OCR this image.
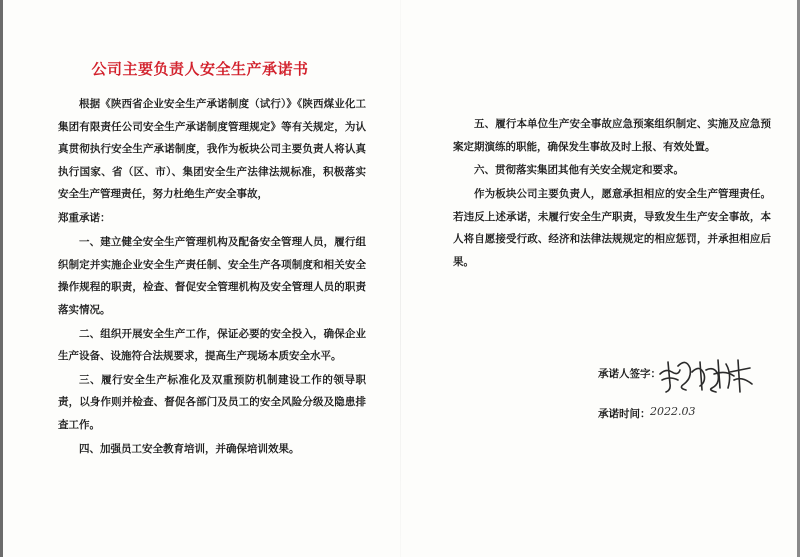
公司主要负责人安全生产承诺书

根据《陕西省企业安全生产承诺制度（试行）》《陕西煤业化工集团有限责任公司安全生产承诺制度管理规定》等有关规定，为认真贯彻执行安全生产承诺制度，我作为板块公司主要负责人将认真执行国家、省（区、市）、集团安全生产法律法规标准，积极落实安全生产管理责任，努力杜绝生产安全事故，

郑重承诺：

一、建立健全安全生产管理机构及配备安全管理人员，履行组织制定并实施企业安全生产责任制、安全生产各项制度和相关安全操作规程的职责，检查、督促安全管理机构及安全管理人员的职责落实情况。

二、组织开展安全生产工作，保证必要的安全投入，确保企业生产设备、设施符合法规要求，提高生产现场本质安全水平。

三、履行安全生产标准化及双重预防机制建设工作的领导职责，以身作则并检查、督促各部门及员工的安全风险分级及隐患排查工作。

四、加强员工安全教育培训，并确保培训效果。

五、履行本单位生产安全事故应急预案组织制定、实施及应急预案定期演练的职能，确保发生事故及时上报、有效处置。

六、贯彻落实集团其他有关安全规定和要求。

作为板块公司主要负责人，愿意承担相应的安全生产管理责任。若违反上述承诺，未履行安全生产职责，导致发生生产安全事故，本人将自愿接受行政、经济和法律法规规定的相应惩罚，并承担相应后果。

承诺人签字：
承诺时间： 2022.03
